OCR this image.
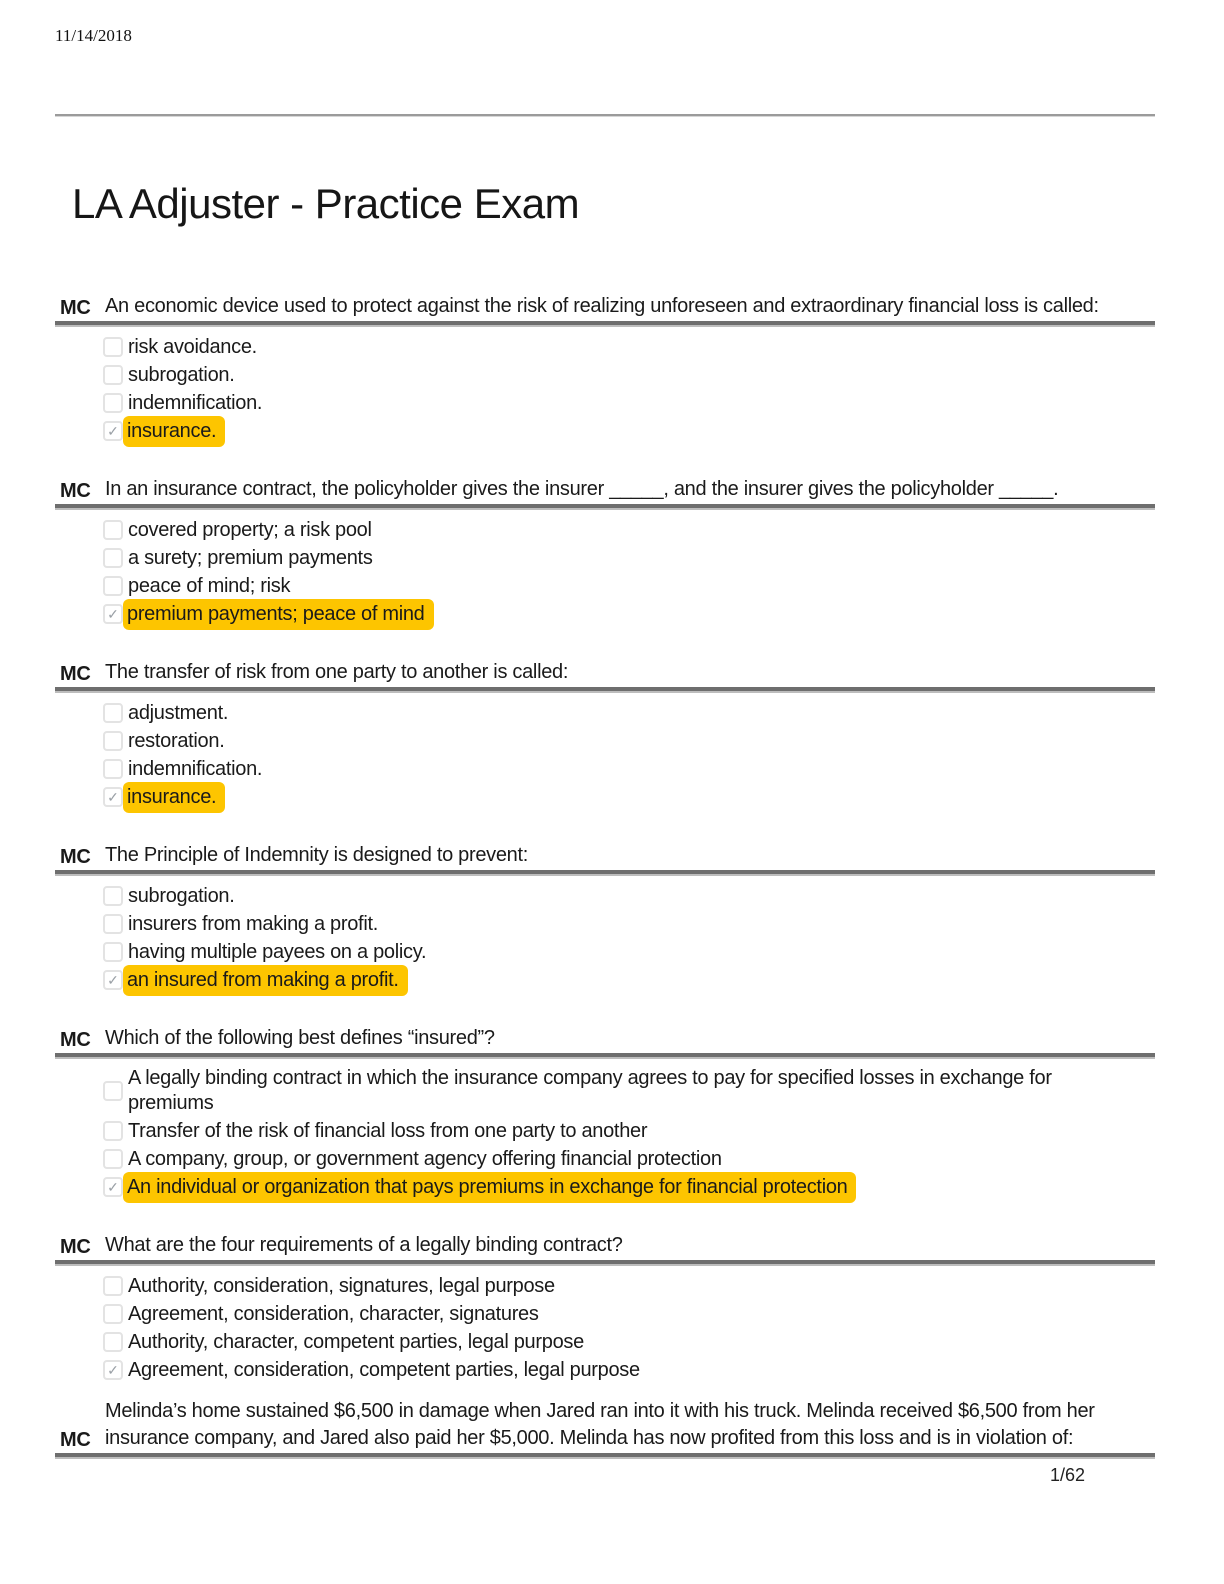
11/14/2018
LA Adjuster - Practice Exam
MC An economic device used to protect against the risk of realizing unforeseen and extraordinary financial loss is called:
risk avoidance.
subrogation.
indemnification.
✓ insurance.
MC In an insurance contract, the policyholder gives the insurer _____, and the insurer gives the policyholder _____.
covered property; a risk pool
a surety; premium payments
peace of mind; risk
✓ premium payments; peace of mind
MC The transfer of risk from one party to another is called:
adjustment.
restoration.
indemnification.
✓ insurance.
MC The Principle of Indemnity is designed to prevent:
subrogation.
insurers from making a profit.
having multiple payees on a policy.
✓ an insured from making a profit.
MC Which of the following best defines “insured”?
A legally binding contract in which the insurance company agrees to pay for specified losses in exchange for premiums
Transfer of the risk of financial loss from one party to another
A company, group, or government agency offering financial protection
✓ An individual or organization that pays premiums in exchange for financial protection
MC What are the four requirements of a legally binding contract?
Authority, consideration, signatures, legal purpose
Agreement, consideration, character, signatures
Authority, character, competent parties, legal purpose
✓ Agreement, consideration, competent parties, legal purpose
MC
Melinda’s home sustained $6,500 in damage when Jared ran into it with his truck. Melinda received $6,500 from her insurance company, and Jared also paid her $5,000. Melinda has now profited from this loss and is in violation of:
1/62
